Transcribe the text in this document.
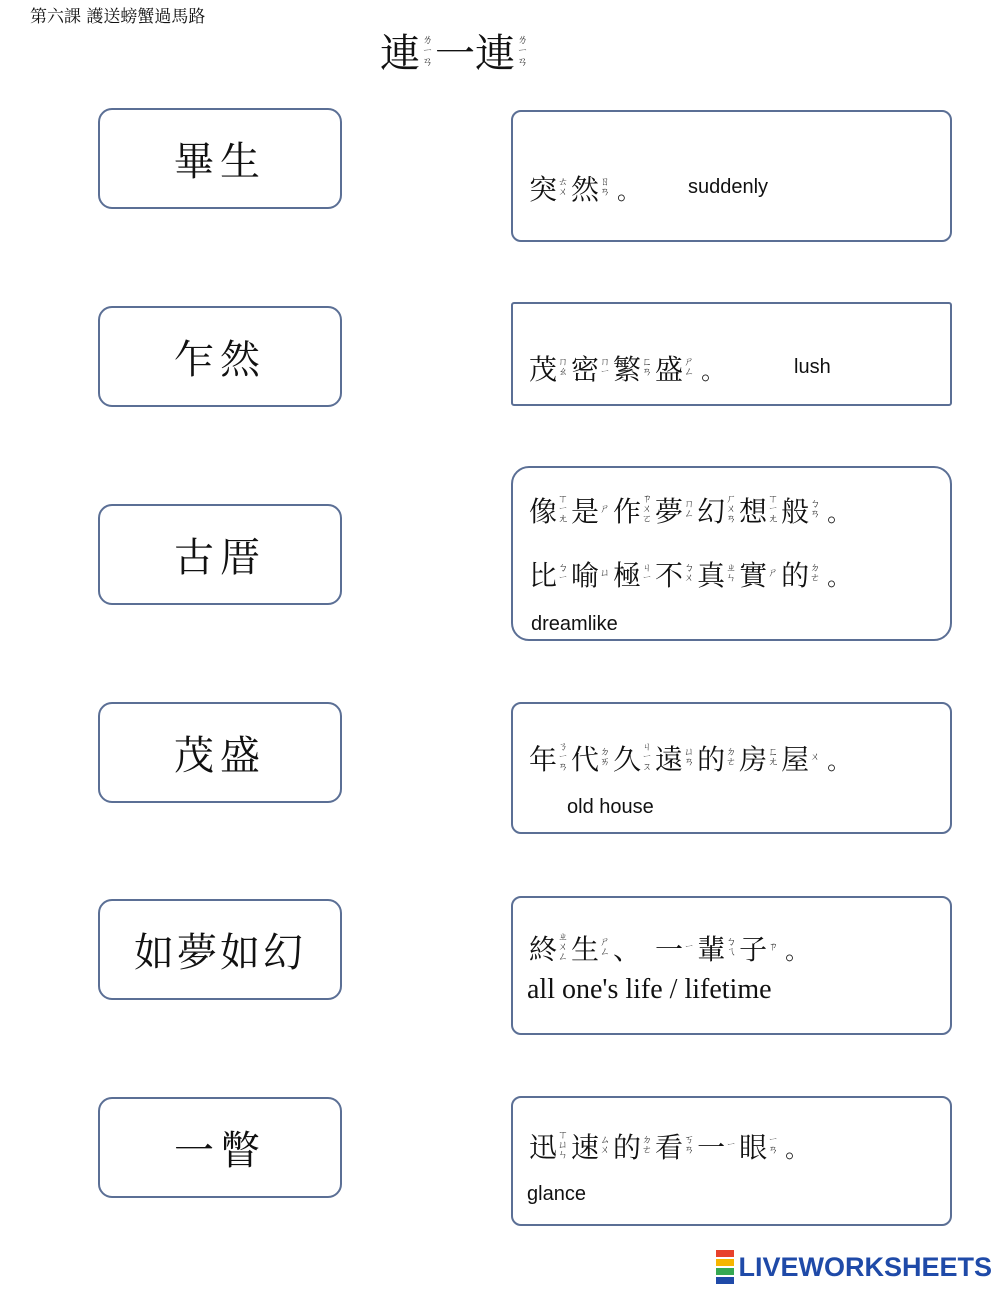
第六課 護送螃蟹過馬路
連 ㄌ
ㄧ
ㄢ 一 連 ㄌ
ㄧ
ㄢ
畢生
乍然
古厝
茂盛
如夢如幻
一瞥
突 ㄊ
ㄨ 然 ㄖ
ㄢ 。 suddenly
茂 ㄇ
ㄠ 密 ㄇ
ㄧ 繁 ㄈ
ㄢ 盛 ㄕ
ㄥ 。	lush
像 ㄒ
ㄧ
ㄤ 是 ㄕ 作 ㄗ
ㄨ
ㄛ 夢 ㄇ
ㄥ 幻 ㄏ
ㄨ
ㄢ 想 ㄒ
ㄧ
ㄤ 般 ㄅ
ㄢ 。
比 ㄅ
ㄧ 喻 ㄩ 極 ㄐ
ㄧ 不 ㄅ
ㄨ 真 ㄓ
ㄣ 實 ㄕ 的 ㄉ
ㄜ 。
dreamlike
年 ㄋ
ㄧ
ㄢ 代 ㄉ
ㄞ 久 ㄐ
ㄧ
ㄡ 遠 ㄩ
ㄢ 的 ㄉ
ㄜ 房 ㄈ
ㄤ 屋 ㄨ 。
old house
終 ㄓ
ㄨ
ㄥ 生 ㄕ
ㄥ 、 一 ㄧ 輩 ㄅ
ㄟ 子 ㄗ 。
all one's life / lifetime
迅 ㄒ
ㄩ
ㄣ 速 ㄙ
ㄨ 的 ㄉ
ㄜ 看 ㄎ
ㄢ 一 ㄧ 眼 ㄧ
ㄢ 。
glance
LIVEWORKSHEETS
